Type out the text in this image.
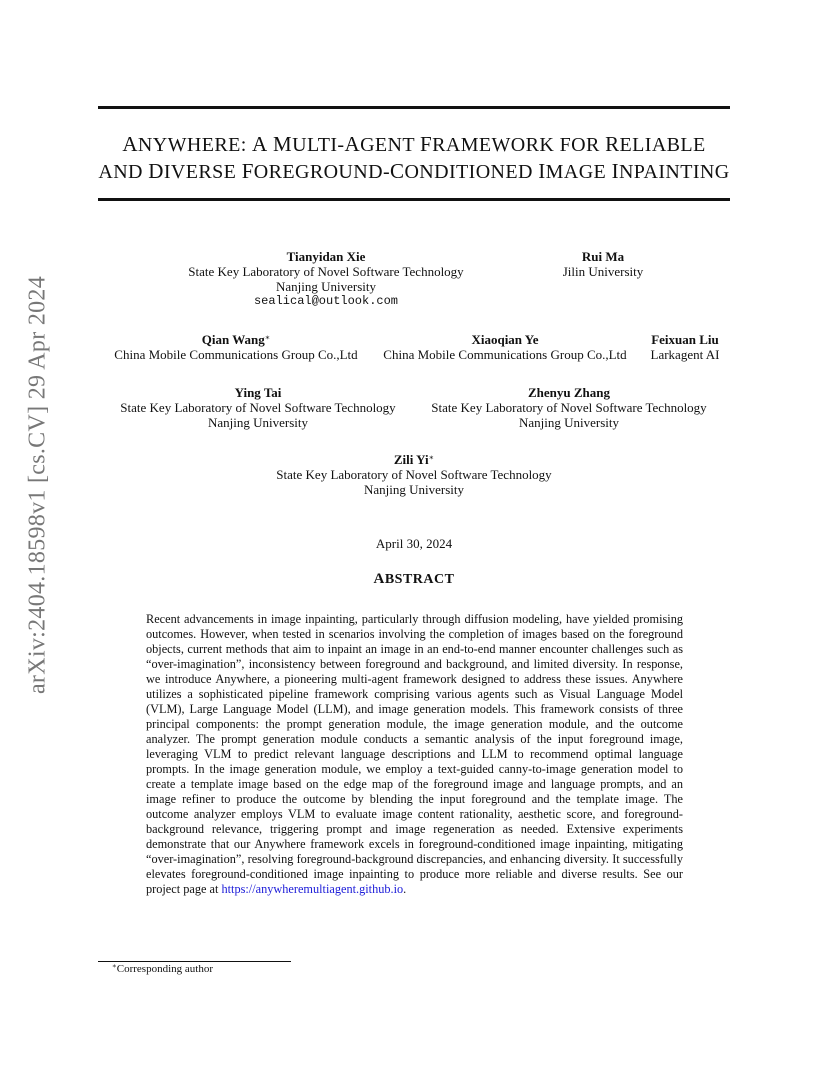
arXiv:2404.18598v1 [cs.CV] 29 Apr 2024
ANYWHERE: A MULTI-AGENT FRAMEWORK FOR RELIABLE
AND DIVERSE FOREGROUND-CONDITIONED IMAGE INPAINTING
Tianyidan Xie
State Key Laboratory of Novel Software Technology
Nanjing University
sealical@outlook.com
Rui Ma
Jilin University
Qian Wang∗
China Mobile Communications Group Co.,Ltd
Xiaoqian Ye
China Mobile Communications Group Co.,Ltd
Feixuan Liu
Larkagent AI
Ying Tai
State Key Laboratory of Novel Software Technology
Nanjing University
Zhenyu Zhang
State Key Laboratory of Novel Software Technology
Nanjing University
Zili Yi∗
State Key Laboratory of Novel Software Technology
Nanjing University
April 30, 2024
ABSTRACT
Recent advancements in image inpainting, particularly through diffusion modeling, have yielded promising outcomes. However, when tested in scenarios involving the completion of images based on the foreground objects, current methods that aim to inpaint an image in an end-to-end manner encounter challenges such as “over-imagination”, inconsistency between foreground and background, and limited diversity. In response, we introduce Anywhere, a pioneering multi-agent framework designed to address these issues. Anywhere utilizes a sophisticated pipeline framework comprising various agents such as Visual Language Model (VLM), Large Language Model (LLM), and image generation models. This framework consists of three principal components: the prompt generation module, the image generation module, and the outcome analyzer. The prompt generation module conducts a semantic analysis of the input foreground image, leveraging VLM to predict relevant language descriptions and LLM to recommend optimal language prompts. In the image generation module, we employ a text-guided canny-to-image generation model to create a template image based on the edge map of the foreground image and language prompts, and an image refiner to produce the outcome by blending the input foreground and the template image. The outcome analyzer employs VLM to evaluate image content rationality, aesthetic score, and foreground-background relevance, triggering prompt and image regeneration as needed. Extensive experiments demonstrate that our Anywhere framework excels in foreground-conditioned image inpainting, mitigating “over-imagination”, resolving foreground-background discrepancies, and enhancing diversity. It successfully elevates foreground-conditioned image inpainting to produce more reliable and diverse results. See our project page at https://anywheremultiagent.github.io.
∗Corresponding author
